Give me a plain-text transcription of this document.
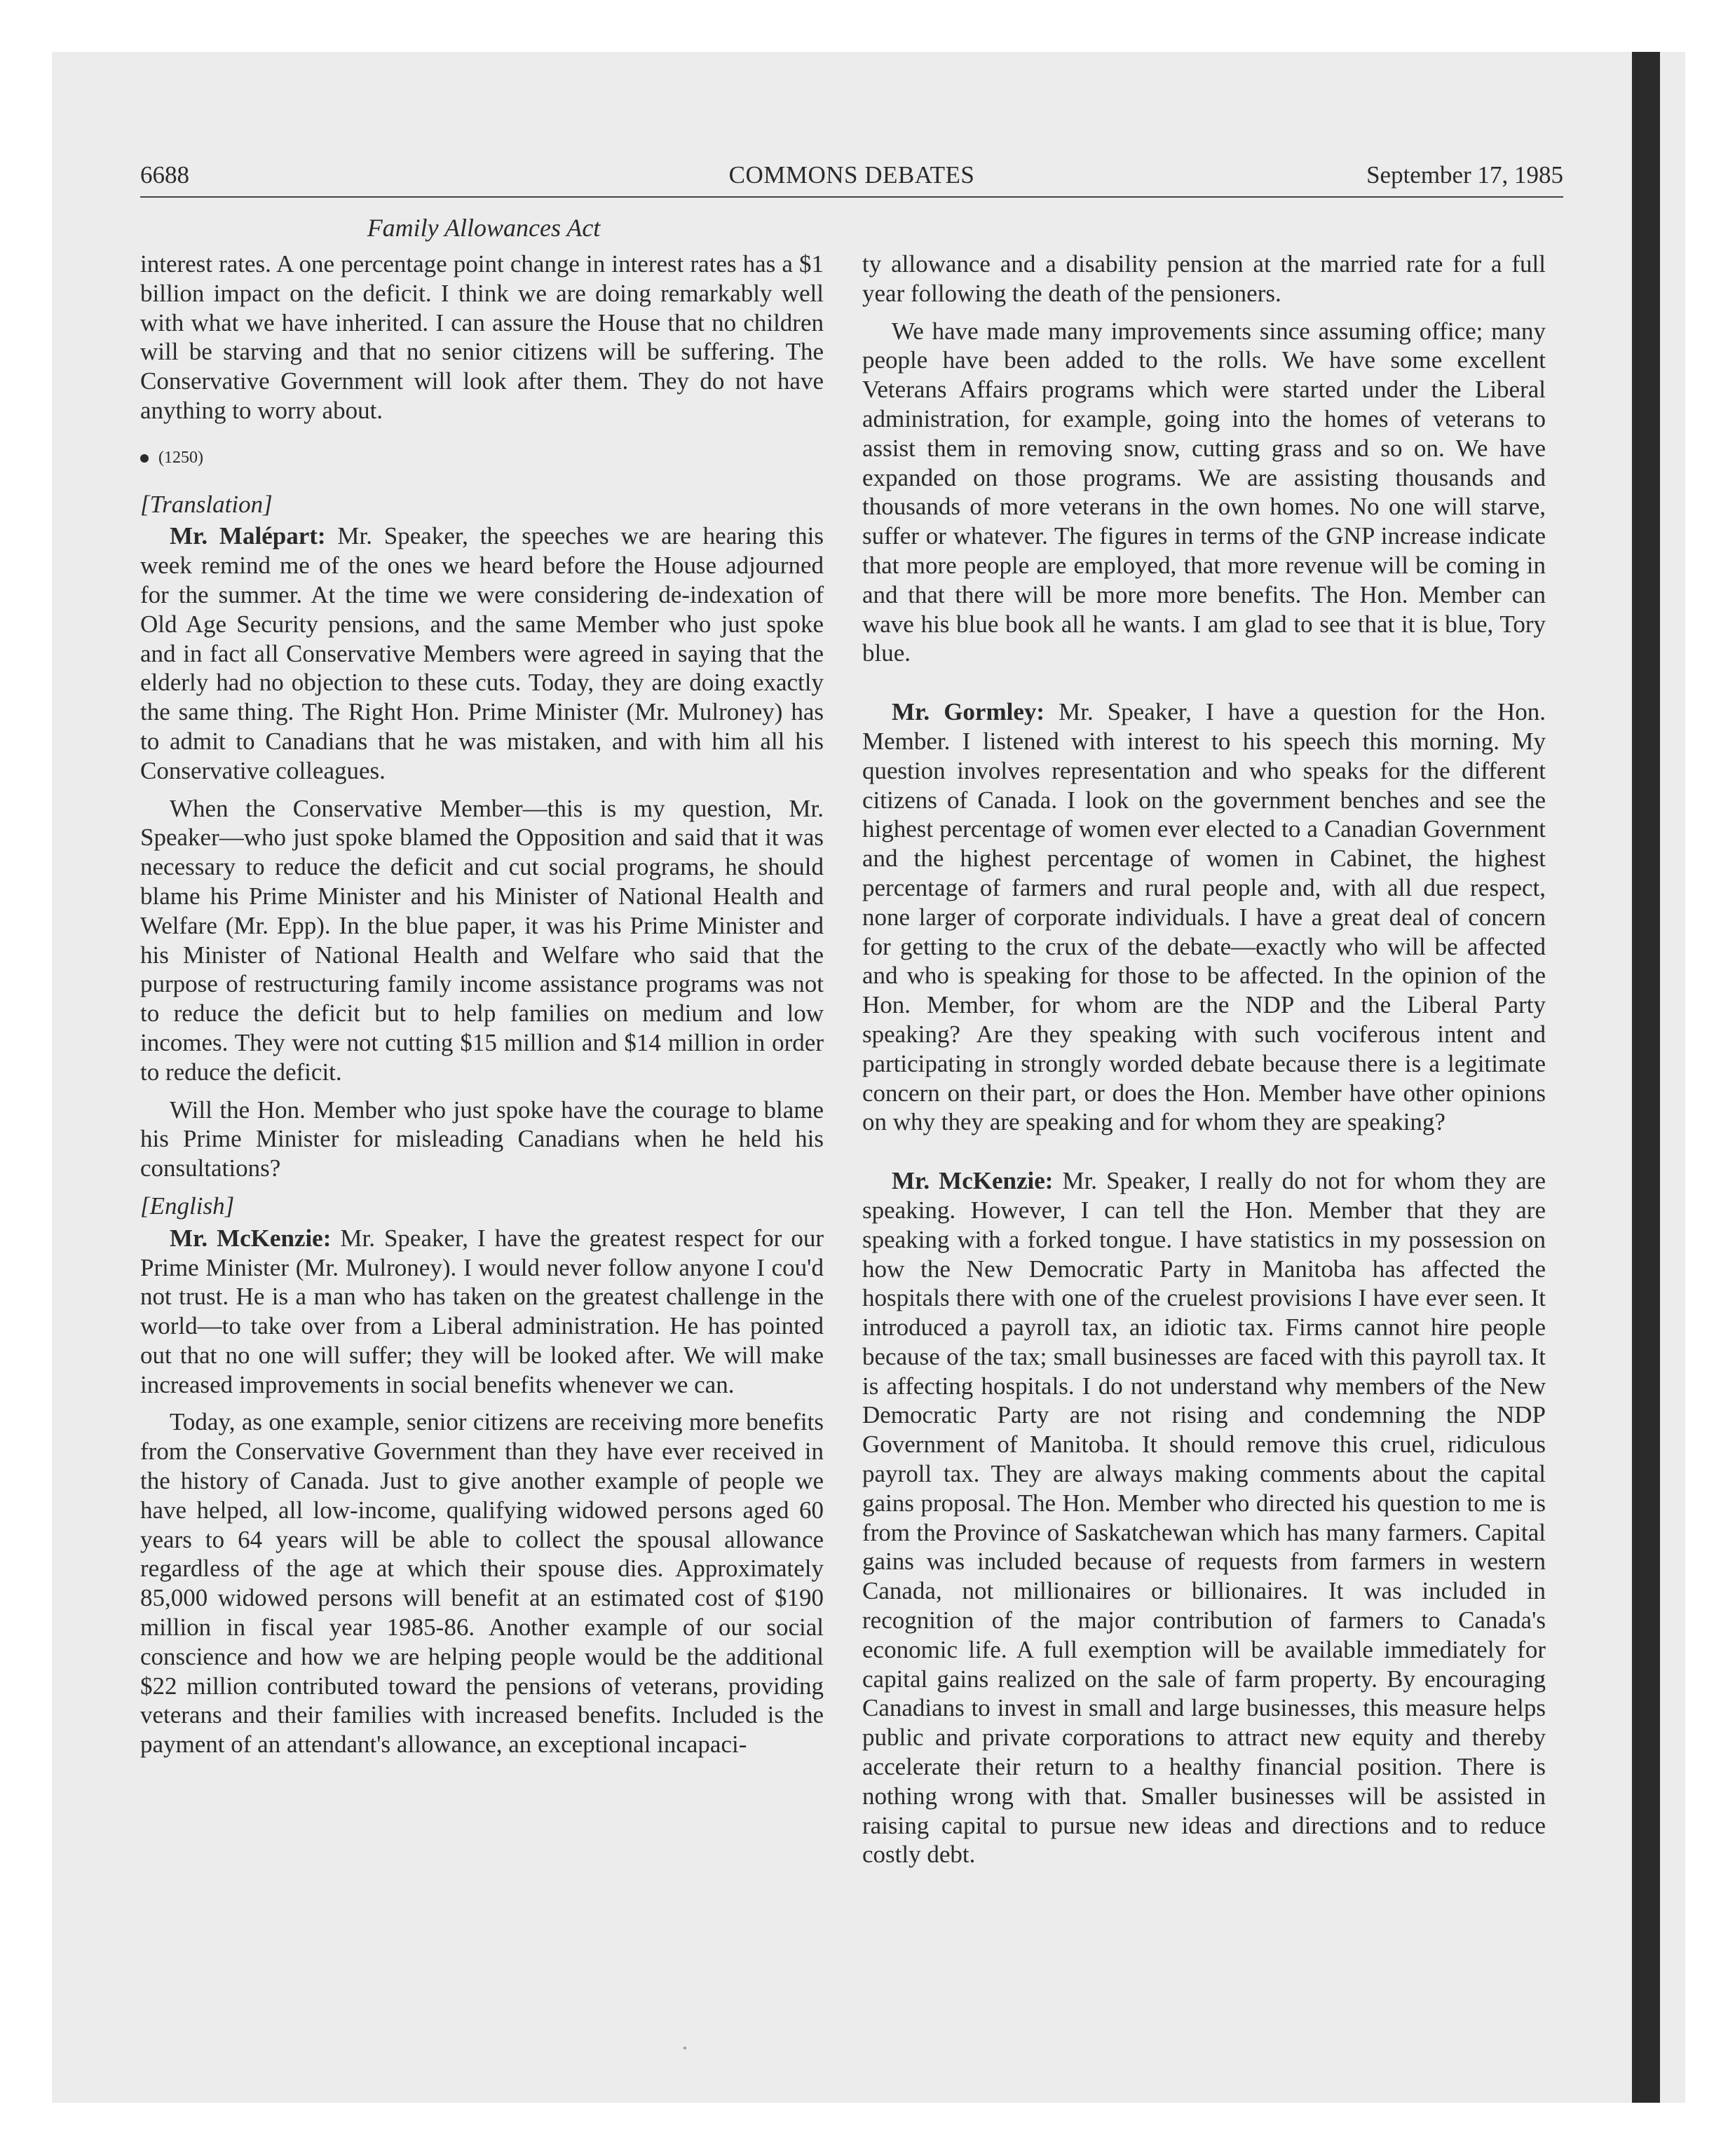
6688	COMMONS DEBATES	September 17, 1985
Family Allowances Act

interest rates. A one percentage point change in interest rates has a $1 billion impact on the deficit. I think we are doing remarkably well with what we have inherited. I can assure the House that no children will be starving and that no senior citizens will be suffering. The Conservative Government will look after them. They do not have anything to worry about.

(1250)
[Translation]

Mr. Malépart: Mr. Speaker, the speeches we are hearing this week remind me of the ones we heard before the House adjourned for the summer. At the time we were considering de-indexation of Old Age Security pensions, and the same Member who just spoke and in fact all Conservative Members were agreed in saying that the elderly had no objection to these cuts. Today, they are doing exactly the same thing. The Right Hon. Prime Minister (Mr. Mulroney) has to admit to Canadians that he was mistaken, and with him all his Conservative colleagues.

When the Conservative Member—this is my question, Mr. Speaker—who just spoke blamed the Opposition and said that it was necessary to reduce the deficit and cut social programs, he should blame his Prime Minister and his Minister of National Health and Welfare (Mr. Epp). In the blue paper, it was his Prime Minister and his Minister of National Health and Welfare who said that the purpose of restructuring family income assistance programs was not to reduce the deficit but to help families on medium and low incomes. They were not cutting $15 million and $14 million in order to reduce the deficit.

Will the Hon. Member who just spoke have the courage to blame his Prime Minister for misleading Canadians when he held his consultations?

[English]

Mr. McKenzie: Mr. Speaker, I have the greatest respect for our Prime Minister (Mr. Mulroney). I would never follow anyone I cou'd not trust. He is a man who has taken on the greatest challenge in the world—to take over from a Liberal administration. He has pointed out that no one will suffer; they will be looked after. We will make increased improvements in social benefits whenever we can.

Today, as one example, senior citizens are receiving more benefits from the Conservative Government than they have ever received in the history of Canada. Just to give another example of people we have helped, all low-income, qualifying widowed persons aged 60 years to 64 years will be able to collect the spousal allowance regardless of the age at which their spouse dies. Approximately 85,000 widowed persons will benefit at an estimated cost of $190 million in fiscal year 1985-86. Another example of our social conscience and how we are helping people would be the additional $22 million contributed toward the pensions of veterans, providing veterans and their families with increased benefits. Included is the payment of an attendant's allowance, an exceptional incapaci-

ty allowance and a disability pension at the married rate for a full year following the death of the pensioners.

We have made many improvements since assuming office; many people have been added to the rolls. We have some excellent Veterans Affairs programs which were started under the Liberal administration, for example, going into the homes of veterans to assist them in removing snow, cutting grass and so on. We have expanded on those programs. We are assisting thousands and thousands of more veterans in the own homes. No one will starve, suffer or whatever. The figures in terms of the GNP increase indicate that more people are employed, that more revenue will be coming in and that there will be more more benefits. The Hon. Member can wave his blue book all he wants. I am glad to see that it is blue, Tory blue.

Mr. Gormley: Mr. Speaker, I have a question for the Hon. Member. I listened with interest to his speech this morning. My question involves representation and who speaks for the different citizens of Canada. I look on the government benches and see the highest percentage of women ever elected to a Canadian Government and the highest percentage of women in Cabinet, the highest percentage of farmers and rural people and, with all due respect, none larger of corporate individuals. I have a great deal of concern for getting to the crux of the debate—exactly who will be affected and who is speaking for those to be affected. In the opinion of the Hon. Member, for whom are the NDP and the Liberal Party speaking? Are they speaking with such vociferous intent and participating in strongly worded debate because there is a legitimate concern on their part, or does the Hon. Member have other opinions on why they are speaking and for whom they are speaking?

Mr. McKenzie: Mr. Speaker, I really do not for whom they are speaking. However, I can tell the Hon. Member that they are speaking with a forked tongue. I have statistics in my possession on how the New Democratic Party in Manitoba has affected the hospitals there with one of the cruelest provisions I have ever seen. It introduced a payroll tax, an idiotic tax. Firms cannot hire people because of the tax; small businesses are faced with this payroll tax. It is affecting hospitals. I do not understand why members of the New Democratic Party are not rising and condemning the NDP Government of Manitoba. It should remove this cruel, ridiculous payroll tax. They are always making comments about the capital gains proposal. The Hon. Member who directed his question to me is from the Province of Saskatchewan which has many farmers. Capital gains was included because of requests from farmers in western Canada, not millionaires or billionaires. It was included in recognition of the major contribution of farmers to Canada's economic life. A full exemption will be available immediately for capital gains realized on the sale of farm property. By encouraging Canadians to invest in small and large businesses, this measure helps public and private corporations to attract new equity and thereby accelerate their return to a healthy financial position. There is nothing wrong with that. Smaller businesses will be assisted in raising capital to pursue new ideas and directions and to reduce costly debt.
